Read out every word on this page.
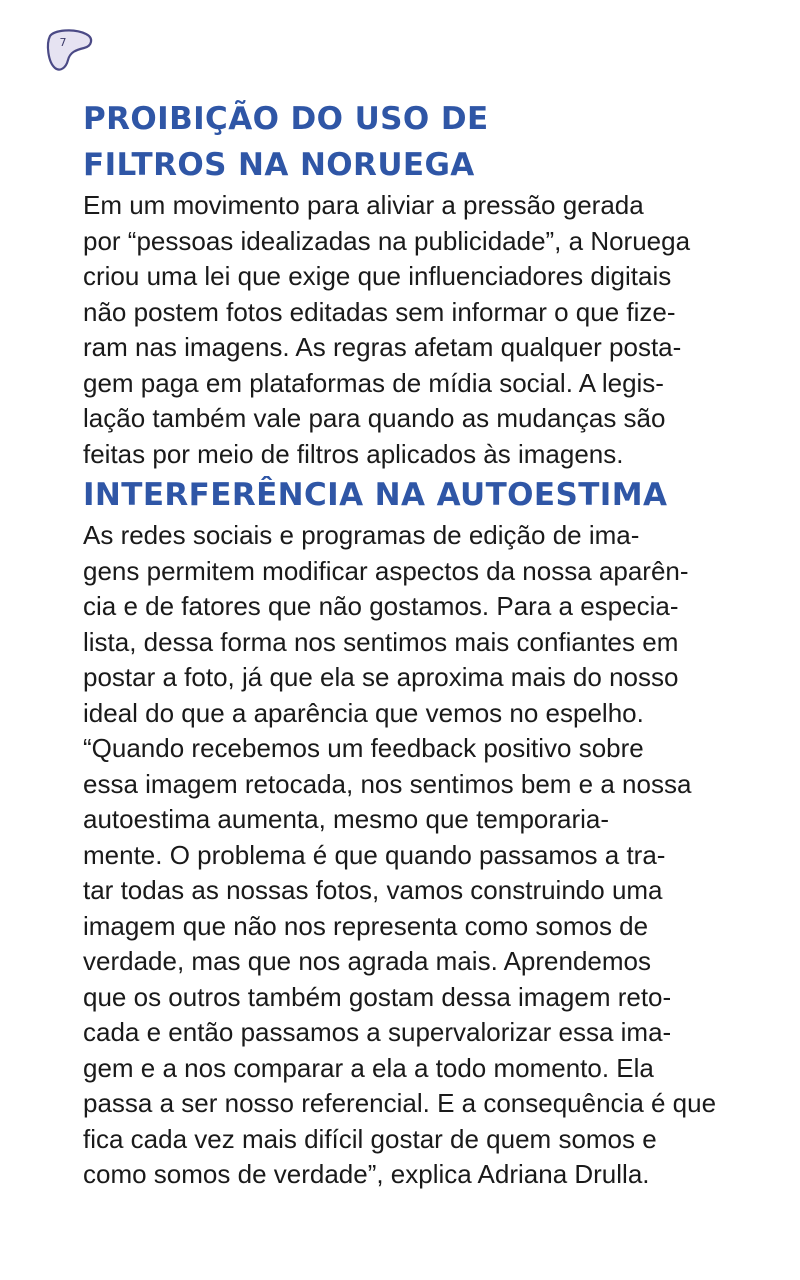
7
PROIBIÇÃO DO USO DE
FILTROS NA NORUEGA

Em um movimento para aliviar a pressão gerada
por “pessoas idealizadas na publicidade”, a Noruega
criou uma lei que exige que influenciadores digitais
não postem fotos editadas sem informar o que fize-
ram nas imagens. As regras afetam qualquer posta-
gem paga em plataformas de mídia social. A legis-
lação também vale para quando as mudanças são
feitas por meio de filtros aplicados às imagens.

INTERFERÊNCIA NA AUTOESTIMA

As redes sociais e programas de edição de ima-
gens permitem modificar aspectos da nossa aparên-
cia e de fatores que não gostamos. Para a especia-
lista, dessa forma nos sentimos mais confiantes em
postar a foto, já que ela se aproxima mais do nosso
ideal do que a aparência que vemos no espelho.
“Quando recebemos um feedback positivo sobre
essa imagem retocada, nos sentimos bem e a nossa
autoestima aumenta, mesmo que temporaria-
mente. O problema é que quando passamos a tra-
tar todas as nossas fotos, vamos construindo uma
imagem que não nos representa como somos de
verdade, mas que nos agrada mais. Aprendemos
que os outros também gostam dessa imagem reto-
cada e então passamos a supervalorizar essa ima-
gem e a nos comparar a ela a todo momento. Ela
passa a ser nosso referencial. E a consequência é que
fica cada vez mais difícil gostar de quem somos e
como somos de verdade”, explica Adriana Drulla.
